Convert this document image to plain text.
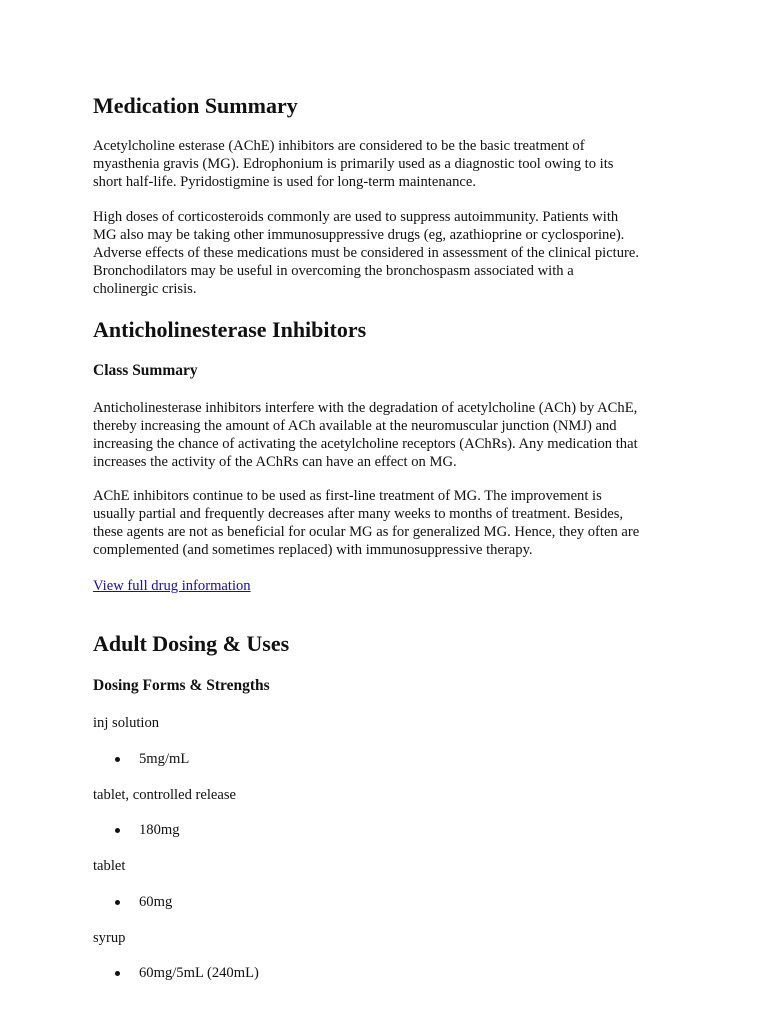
Medication Summary

Acetylcholine esterase (AChE) inhibitors are considered to be the basic treatment of
myasthenia gravis (MG). Edrophonium is primarily used as a diagnostic tool owing to its
short half-life. Pyridostigmine is used for long-term maintenance.

High doses of corticosteroids commonly are used to suppress autoimmunity. Patients with
MG also may be taking other immunosuppressive drugs (eg, azathioprine or cyclosporine).
Adverse effects of these medications must be considered in assessment of the clinical picture.
Bronchodilators may be useful in overcoming the bronchospasm associated with a
cholinergic crisis.

Anticholinesterase Inhibitors
Class Summary

Anticholinesterase inhibitors interfere with the degradation of acetylcholine (ACh) by AChE,
thereby increasing the amount of ACh available at the neuromuscular junction (NMJ) and
increasing the chance of activating the acetylcholine receptors (AChRs). Any medication that
increases the activity of the AChRs can have an effect on MG.

AChE inhibitors continue to be used as first-line treatment of MG. The improvement is
usually partial and frequently decreases after many weeks to months of treatment. Besides,
these agents are not as beneficial for ocular MG as for generalized MG. Hence, they often are
complemented (and sometimes replaced) with immunosuppressive therapy.

View full drug information
Adult Dosing & Uses
Dosing Forms & Strengths
inj solution
5mg/mL
tablet, controlled release
180mg
tablet
60mg
syrup
60mg/5mL (240mL)
